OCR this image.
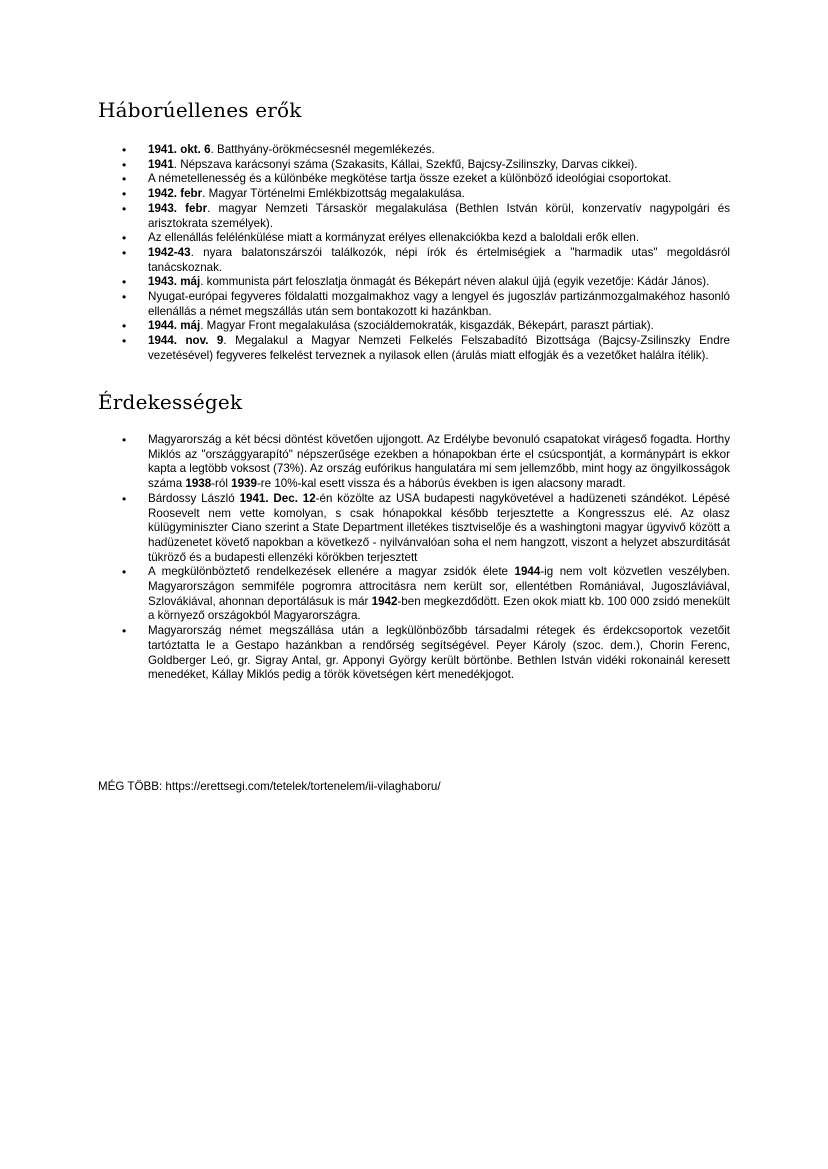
Háborúellenes erők
• 1941. okt. 6. Batthyány-örökmécsesnél megemlékezés.
• 1941. Népszava karácsonyi száma (Szakasits, Kállai, Szekfű, Bajcsy-Zsilinszky, Darvas cikkei).
• A németellenesség és a különbéke megkötése tartja össze ezeket a különböző ideológiai csoportokat.
• 1942. febr. Magyar Történelmi Emlékbizottság megalakulása.
• 1943. febr. magyar Nemzeti Társaskör megalakulása (Bethlen István körül, konzervatív nagypolgári és arisztokrata személyek).
• Az ellenállás felélénkülése miatt a kormányzat erélyes ellenakciókba kezd a baloldali erők ellen.
• 1942-43. nyara balatonszárszói találkozók, népi írók és értelmiségiek a "harmadik utas" megoldásról tanácskoznak.
• 1943. máj. kommunista párt feloszlatja önmagát és Békepárt néven alakul újjá (egyik vezetője: Kádár János).
• Nyugat-európai fegyveres földalatti mozgalmakhoz vagy a lengyel és jugoszláv partizánmozgalmakéhoz hasonló ellenállás a német megszállás után sem bontakozott ki hazánkban.
• 1944. máj. Magyar Front megalakulása (szociáldemokraták, kisgazdák, Békepárt, paraszt pártiak).
• 1944. nov. 9. Megalakul a Magyar Nemzeti Felkelés Felszabadító Bizottsága (Bajcsy-Zsilinszky Endre vezetésével) fegyveres felkelést terveznek a nyilasok ellen (árulás miatt elfogják és a vezetőket halálra ítélik).
Érdekességek
• Magyarország a két bécsi döntést követően ujjongott. Az Erdélybe bevonuló csapatokat virágeső fogadta. Horthy Miklós az "országgyarapító" népszerűsége ezekben a hónapokban érte el csúcspontját, a kormánypárt is ekkor kapta a legtöbb voksost (73%). Az ország eufórikus hangulatára mi sem jellemzőbb, mint hogy az öngyilkosságok száma 1938-ról 1939-re 10%-kal esett vissza és a háborús években is igen alacsony maradt.
• Bárdossy László 1941. Dec. 12-én közölte az USA budapesti nagykövetével a hadüzeneti szándékot. Lépésé Roosevelt nem vette komolyan, s csak hónapokkal később terjesztette a Kongresszus elé. Az olasz külügyminiszter Ciano szerint a State Department illetékes tisztviselője és a washingtoni magyar ügyvivő között a hadüzenetet követő napokban a következő - nyilvánvalóan soha el nem hangzott, viszont a helyzet abszurditását tükröző és a budapesti ellenzéki körökben terjesztett
• A megkülönböztető rendelkezések ellenére a magyar zsidók élete 1944-ig nem volt közvetlen veszélyben. Magyarországon semmiféle pogromra attrocitásra nem került sor, ellentétben Romániával, Jugoszláviával, Szlovákiával, ahonnan deportálásuk is már 1942-ben megkezdődött. Ezen okok miatt kb. 100 000 zsidó menekült a környező országokból Magyarországra.
• Magyarország német megszállása után a legkülönbözőbb társadalmi rétegek és érdekcsoportok vezetőit tartóztatta le a Gestapo hazánkban a rendőrség segítségével. Peyer Károly (szoc. dem.), Chorin Ferenc, Goldberger Leó, gr. Sigray Antal, gr. Apponyi György került börtönbe. Bethlen István vidéki rokonainál keresett menedéket, Kállay Miklós pedig a török követségen kért menedékjogot.
MÉG TÖBB: https://erettsegi.com/tetelek/tortenelem/ii-vilaghaboru/
